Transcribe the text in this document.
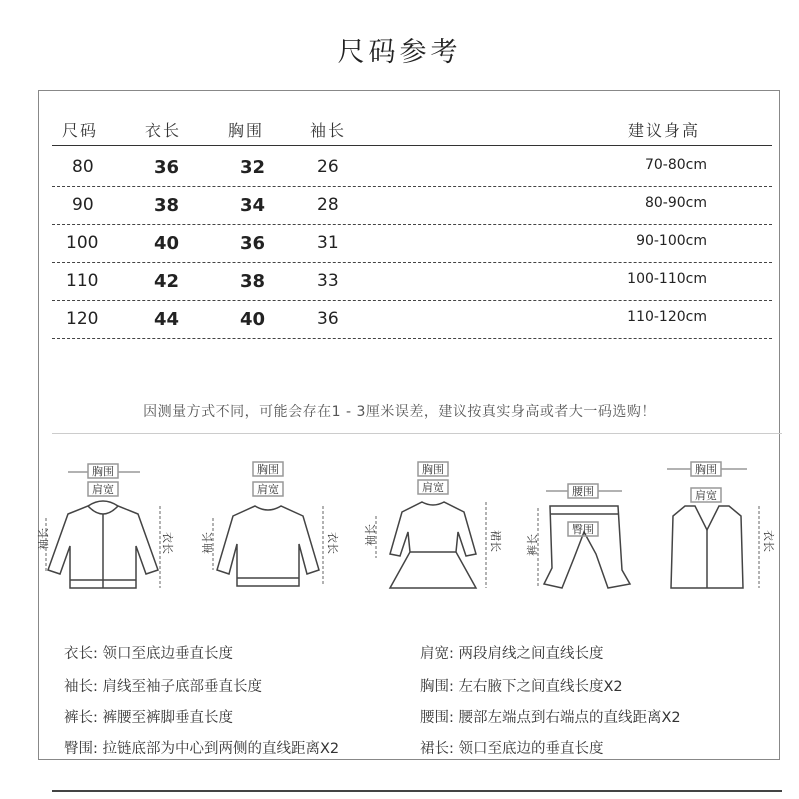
尺码参考
尺码	衣长	胸围	袖长	建议身高
80	36	32	26	70-80cm
90	38	34	28	80-90cm
100	40	36	31	90-100cm
110	42	38	33	100-110cm
120	44	40	36	110-120cm
因测量方式不同，可能会存在1 - 3厘米误差，建议按真实身高或者大一码选购！
胸围
肩宽
袖长	衣长
胸围
肩宽
袖长	衣长
胸围
肩宽
袖长	裙长
腰围
臀围
裤长
胸围
肩宽
衣长
衣长: 领口至底边垂直长度	肩宽: 两段肩线之间直线长度
袖长: 肩线至袖子底部垂直长度	胸围: 左右腋下之间直线长度X2
裤长: 裤腰至裤脚垂直长度	腰围: 腰部左端点到右端点的直线距离X2
臀围: 拉链底部为中心到两侧的直线距离X2	裙长: 领口至底边的垂直长度
